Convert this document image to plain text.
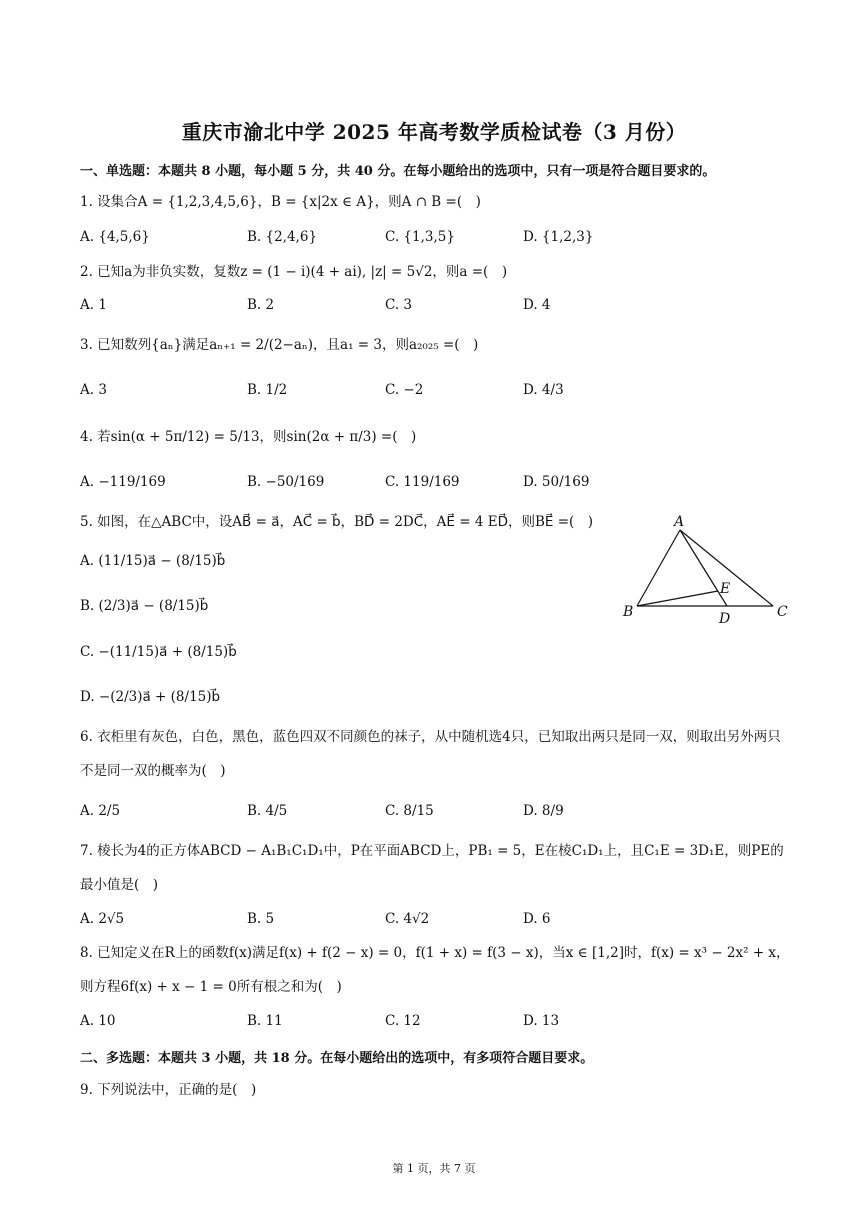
重庆市渝北中学 2025 年高考数学质检试卷（3 月份）
一、单选题：本题共 8 小题，每小题 5 分，共 40 分。在每小题给出的选项中，只有一项是符合题目要求的。
1. 设集合A = {1,2,3,4,5,6}，B = {x|2x ∈ A}，则A ∩ B =(　)
A. {4,5,6}	B. {2,4,6}	C. {1,3,5}	D. {1,2,3}
2. 已知a为非负实数，复数z = (1 − i)(4 + ai), |z| = 5√2，则a =(　)
A. 1	B. 2	C. 3	D. 4
3. 已知数列{aₙ}满足aₙ₊₁ = 2/(2−aₙ)，且a₁ = 3，则a₂₀₂₅ =(　)
A. 3	B. 1/2	C. −2	D. 4/3
4. 若sin(α + 5π/12) = 5/13，则sin(2α + π/3) =(　)
A. −119/169	B. −50/169	C. 119/169	D. 50/169
5. 如图，在△ABC中，设AB⃗ = a⃗，AC⃗ = b⃗，BD⃗ = 2DC⃗，AE⃗ = 4 ED⃗，则BE⃗ =(　)
A. (11/15)a⃗ − (8/15)b⃗
B. (2/3)a⃗ − (8/15)b⃗
C. −(11/15)a⃗ + (8/15)b⃗
D. −(2/3)a⃗ + (8/15)b⃗
A
B	C
D
E
6. 衣柜里有灰色，白色，黑色，蓝色四双不同颜色的袜子，从中随机选4只，已知取出两只是同一双，则取出另外两只不是同一双的概率为(　)
A. 2/5	B. 4/5	C. 8/15	D. 8/9
7. 棱长为4的正方体ABCD − A₁B₁C₁D₁中，P在平面ABCD上，PB₁ = 5，E在棱C₁D₁上，且C₁E = 3D₁E，则PE的最小值是(　)
A. 2√5	B. 5	C. 4√2	D. 6
8. 已知定义在R上的函数f(x)满足f(x) + f(2 − x) = 0，f(1 + x) = f(3 − x)，当x ∈ [1,2]时，f(x) = x³ − 2x² + x，则方程6f(x) + x − 1 = 0所有根之和为(　)
A. 10	B. 11	C. 12	D. 13
二、多选题：本题共 3 小题，共 18 分。在每小题给出的选项中，有多项符合题目要求。
9. 下列说法中，正确的是(　)
第 1 页，共 7 页
